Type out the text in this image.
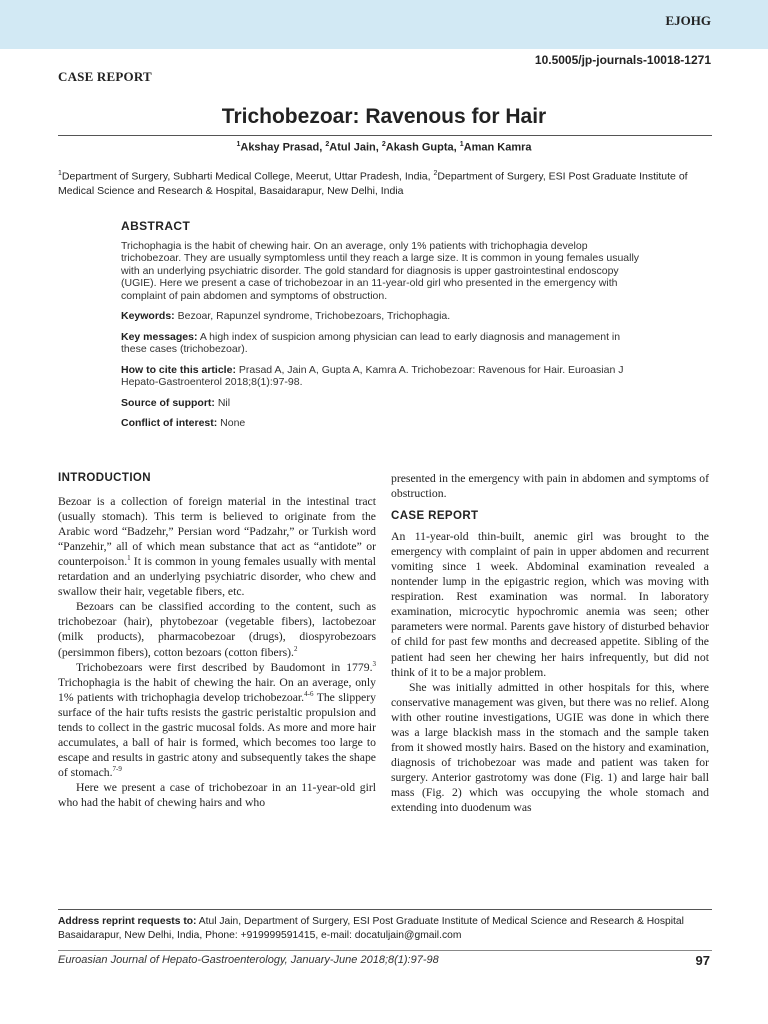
EJOHG
10.5005/jp-journals-10018-1271
CASE REPORT
Trichobezoar: Ravenous for Hair
$^1$Akshay Prasad, $^2$Atul Jain, $^2$Akash Gupta, $^1$Aman Kamra
$^1$Department of Surgery, Subharti Medical College, Meerut, Uttar Pradesh, India, $^2$Department of Surgery, ESI Post Graduate Institute of Medical Science and Research & Hospital, Basaidarapur, New Delhi, India
ABSTRACT
Trichophagia is the habit of chewing hair. On an average, only 1% patients with trichophagia develop trichobezoar. They are usually symptomless until they reach a large size. It is common in young females usually with an underlying psychiatric disorder. The gold standard for diagnosis is upper gastrointestinal endoscopy (UGIE). Here we present a case of trichobezoar in an 11-year-old girl who presented in the emergency with complaint of pain abdomen and symptoms of obstruction.
Keywords: Bezoar, Rapunzel syndrome, Trichobezoars, Trichophagia.
Key messages: A high index of suspicion among physician can lead to early diagnosis and management in these cases (trichobezoar).
How to cite this article: Prasad A, Jain A, Gupta A, Kamra A. Trichobezoar: Ravenous for Hair. Euroasian J Hepato-Gastroenterol 2018;8(1):97-98.
Source of support: Nil
Conflict of interest: None
INTRODUCTION

Bezoar is a collection of foreign material in the intestinal tract (usually stomach). This term is believed to originate from the Arabic word “Badzehr,” Persian word “Padzahr,” or Turkish word “Panzehir,” all of which mean substance that act as “antidote” or counterpoison.$^1$ It is common in young females usually with mental retardation and an underlying psychiatric disorder, who chew and swallow their hair, vegetable fibers, etc.

Bezoars can be classified according to the content, such as trichobezoar (hair), phytobezoar (vegetable fibers), lactobezoar (milk products), pharmacobezoar (drugs), diospyrobezoars (persimmon fibers), cotton bezoars (cotton fibers).$^2$

Trichobezoars were first described by Baudomont in 1779.$^3$ Trichophagia is the habit of chewing the hair. On an average, only 1% patients with trichophagia develop trichobezoar.$^{4-6}$ The slippery surface of the hair tufts resists the gastric peristaltic propulsion and tends to collect in the gastric mucosal folds. As more and more hair accumulates, a ball of hair is formed, which becomes too large to escape and results in gastric atony and subsequently takes the shape of stomach.$^{7-9}$

Here we present a case of trichobezoar in an 11-year-old girl who had the habit of chewing hairs and who

presented in the emergency with pain in abdomen and symptoms of obstruction.

CASE REPORT

An 11-year-old thin-built, anemic girl was brought to the emergency with complaint of pain in upper abdomen and recurrent vomiting since 1 week. Abdominal examination revealed a nontender lump in the epigastric region, which was moving with respiration. Rest examination was normal. In laboratory examination, microcytic hypochromic anemia was seen; other parameters were normal. Parents gave history of disturbed behavior of child for past few months and decreased appetite. Sibling of the patient had seen her chewing her hairs infrequently, but did not think of it to be a major problem.

She was initially admitted in other hospitals for this, where conservative management was given, but there was no relief. Along with other routine investigations, UGIE was done in which there was a large blackish mass in the stomach and the sample taken from it showed mostly hairs. Based on the history and examination, diagnosis of trichobezoar was made and patient was taken for surgery. Anterior gastrotomy was done (Fig. 1) and large hair ball mass (Fig. 2) which was occupying the whole stomach and extending into duodenum was

Address reprint requests to: Atul Jain, Department of Surgery, ESI Post Graduate Institute of Medical Science and Research & Hospital Basaidarapur, New Delhi, India, Phone: +919999591415, e-mail: docatuljain@gmail.com
Euroasian Journal of Hepato-Gastroenterology, January-June 2018;8(1):97-98	97
